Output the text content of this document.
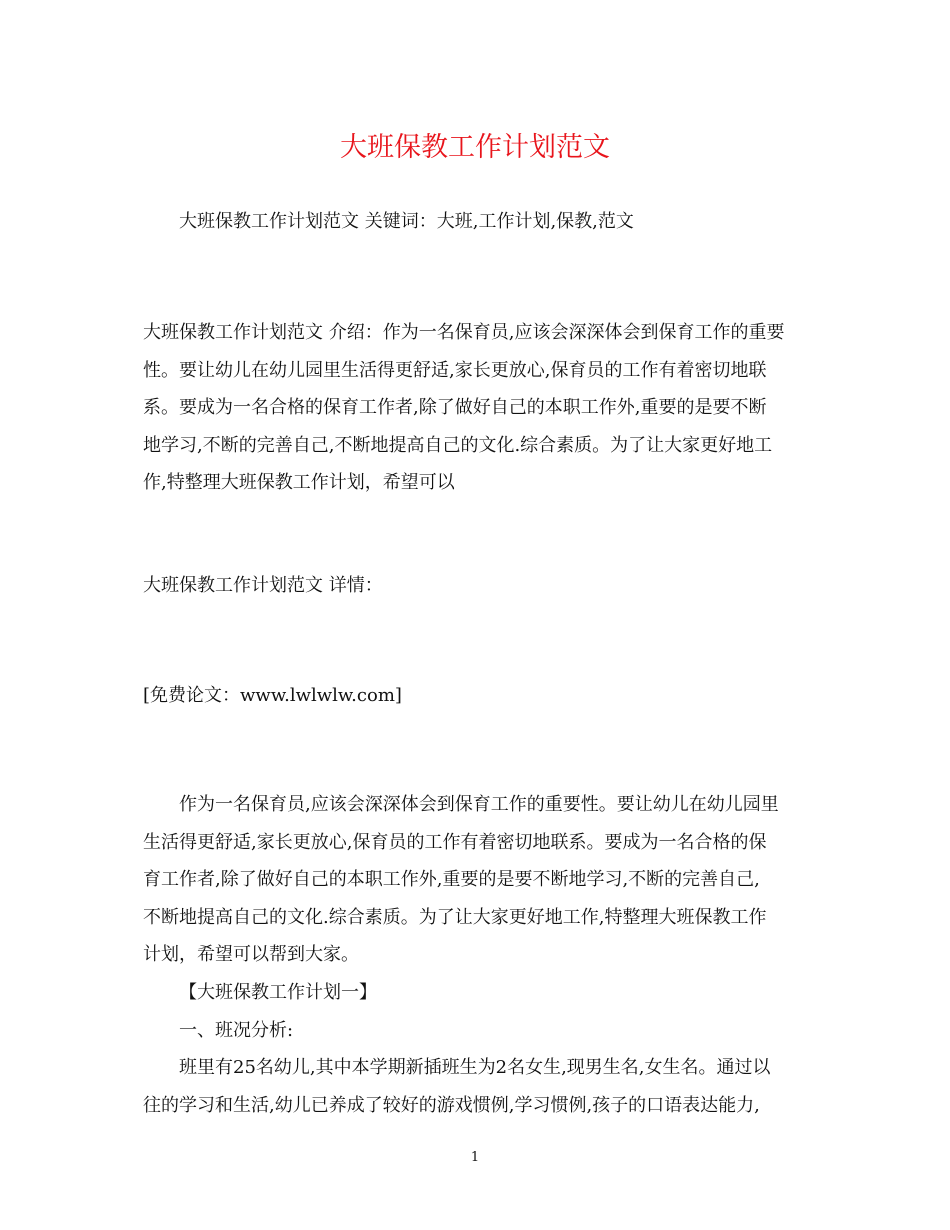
大班保教工作计划范文

大班保教工作计划范文 关键词：大班,工作计划,保教,范文

大班保教工作计划范文 介绍：作为一名保育员,应该会深深体会到保育工作的重要
性。要让幼儿在幼儿园里生活得更舒适,家长更放心,保育员的工作有着密切地联
系。要成为一名合格的保育工作者,除了做好自己的本职工作外,重要的是要不断
地学习,不断的完善自己,不断地提高自己的文化.综合素质。为了让大家更好地工
作,特整理大班保教工作计划，希望可以

大班保教工作计划范文 详情：

[免费论文：www.lwlwlw.com]

作为一名保育员,应该会深深体会到保育工作的重要性。要让幼儿在幼儿园里
生活得更舒适,家长更放心,保育员的工作有着密切地联系。要成为一名合格的保
育工作者,除了做好自己的本职工作外,重要的是要不断地学习,不断的完善自己,
不断地提高自己的文化.综合素质。为了让大家更好地工作,特整理大班保教工作
计划，希望可以帮到大家。
【大班保教工作计划一】
一、班况分析:
班里有25名幼儿,其中本学期新插班生为2名女生,现男生名,女生名。通过以
往的学习和生活,幼儿已养成了较好的游戏惯例,学习惯例,孩子的口语表达能力,

1
